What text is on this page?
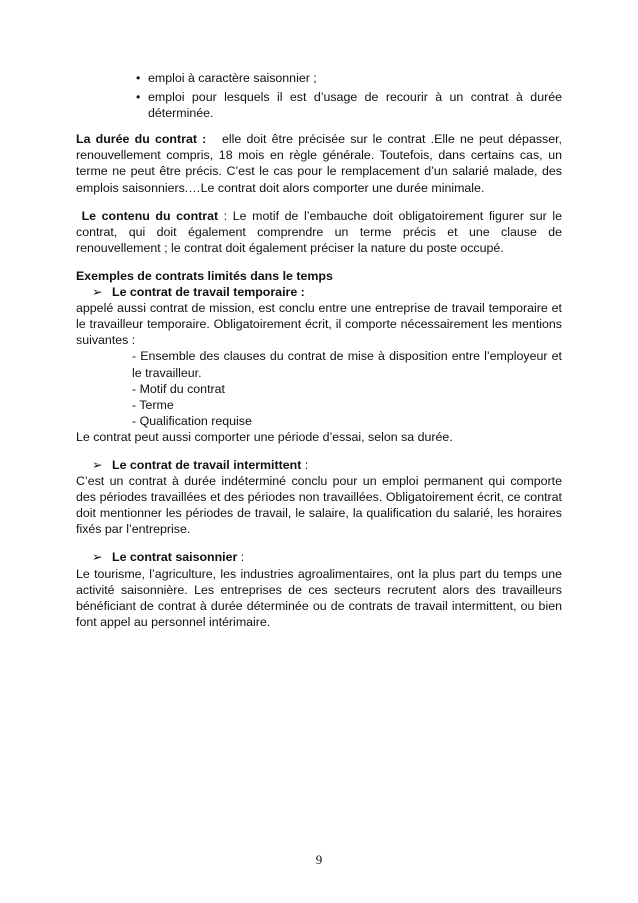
• emploi à caractère saisonnier ;
• emploi pour lesquels il est d’usage de recourir à un contrat à durée déterminée.

La durée du contrat : elle doit être précisée sur le contrat .Elle ne peut dépasser, renouvellement compris, 18 mois en règle générale. Toutefois, dans certains cas, un terme ne peut être précis. C’est le cas pour le remplacement d’un salarié malade, des emplois saisonniers.…Le contrat doit alors comporter une durée minimale.

Le contenu du contrat : Le motif de l’embauche doit obligatoirement figurer sur le contrat, qui doit également comprendre un terme précis et une clause de renouvellement ; le contrat doit également préciser la nature du poste occupé.

Exemples de contrats limités dans le temps

➢ Le contrat de travail temporaire :

appelé aussi contrat de mission, est conclu entre une entreprise de travail temporaire et le travailleur temporaire. Obligatoirement écrit, il comporte nécessairement les mentions suivantes :

- Ensemble des clauses du contrat de mise à disposition entre l’employeur et le travailleur.

- Motif du contrat

- Terme

- Qualification requise

Le contrat peut aussi comporter une période d’essai, selon sa durée.

➢ Le contrat de travail intermittent :

C’est un contrat à durée indéterminé conclu pour un emploi permanent qui comporte des périodes travaillées et des périodes non travaillées. Obligatoirement écrit, ce contrat doit mentionner les périodes de travail, le salaire, la qualification du salarié, les horaires fixés par l’entreprise.

➢ Le contrat saisonnier :

Le tourisme, l’agriculture, les industries agroalimentaires, ont la plus part du temps une activité saisonnière. Les entreprises de ces secteurs recrutent alors des travailleurs bénéficiant de contrat à durée déterminée ou de contrats de travail intermittent, ou bien font appel au personnel intérimaire.

9
